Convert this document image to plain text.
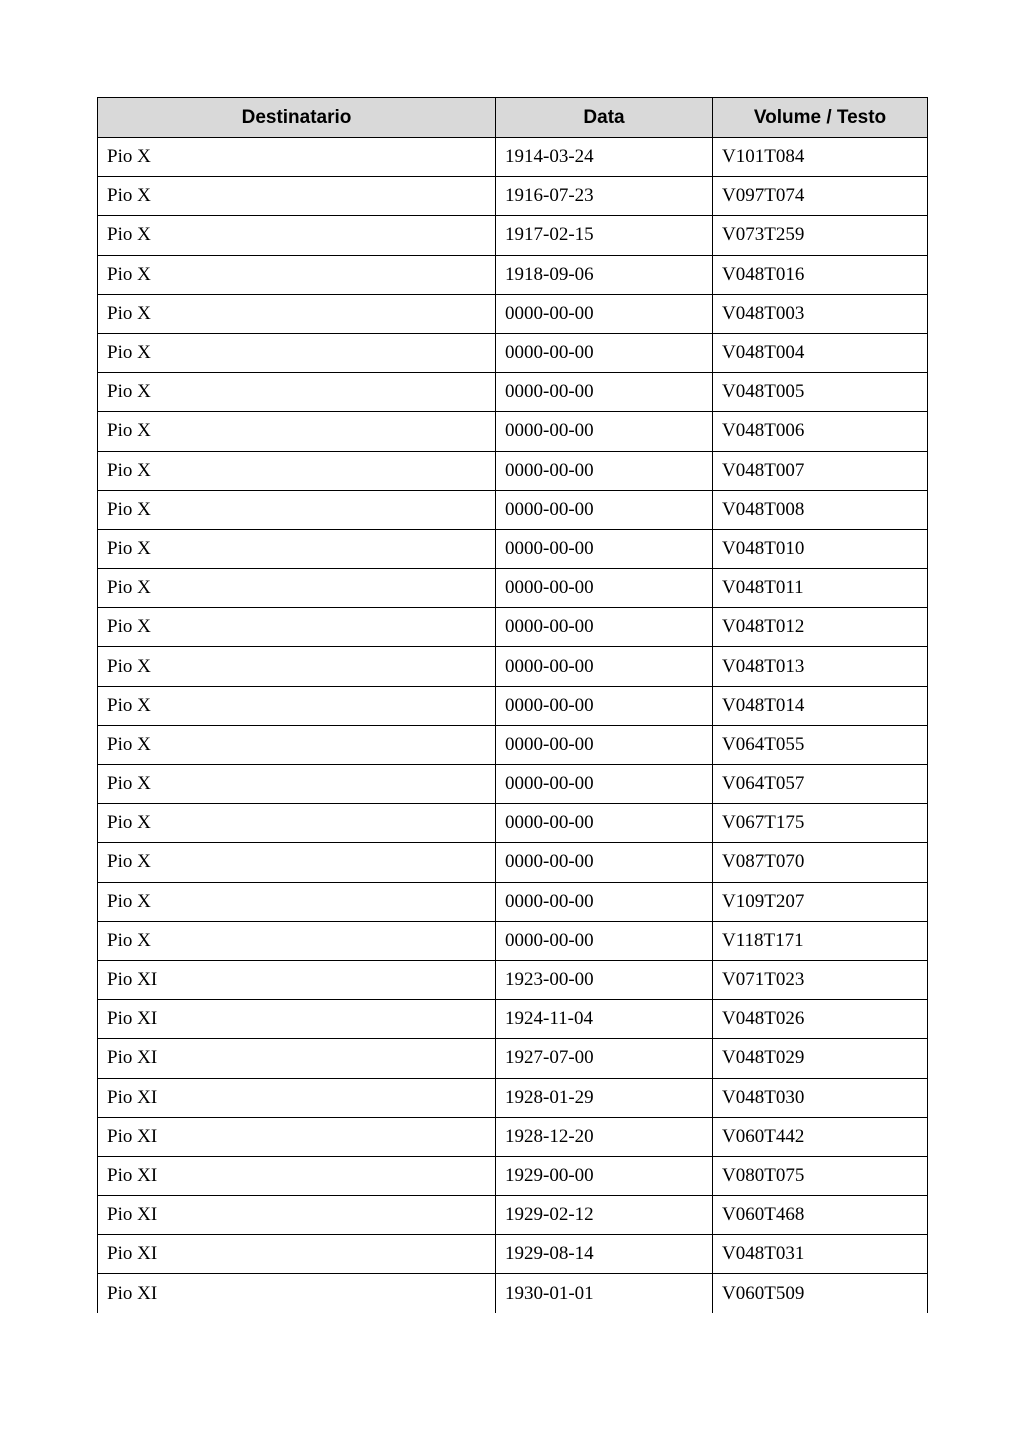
Destinatario	Data	Volume / Testo
Pio X	1914-03-24	V101T084
Pio X	1916-07-23	V097T074
Pio X	1917-02-15	V073T259
Pio X	1918-09-06	V048T016
Pio X	0000-00-00	V048T003
Pio X	0000-00-00	V048T004
Pio X	0000-00-00	V048T005
Pio X	0000-00-00	V048T006
Pio X	0000-00-00	V048T007
Pio X	0000-00-00	V048T008
Pio X	0000-00-00	V048T010
Pio X	0000-00-00	V048T011
Pio X	0000-00-00	V048T012
Pio X	0000-00-00	V048T013
Pio X	0000-00-00	V048T014
Pio X	0000-00-00	V064T055
Pio X	0000-00-00	V064T057
Pio X	0000-00-00	V067T175
Pio X	0000-00-00	V087T070
Pio X	0000-00-00	V109T207
Pio X	0000-00-00	V118T171
Pio XI	1923-00-00	V071T023
Pio XI	1924-11-04	V048T026
Pio XI	1927-07-00	V048T029
Pio XI	1928-01-29	V048T030
Pio XI	1928-12-20	V060T442
Pio XI	1929-00-00	V080T075
Pio XI	1929-02-12	V060T468
Pio XI	1929-08-14	V048T031
Pio XI	1930-01-01	V060T509
